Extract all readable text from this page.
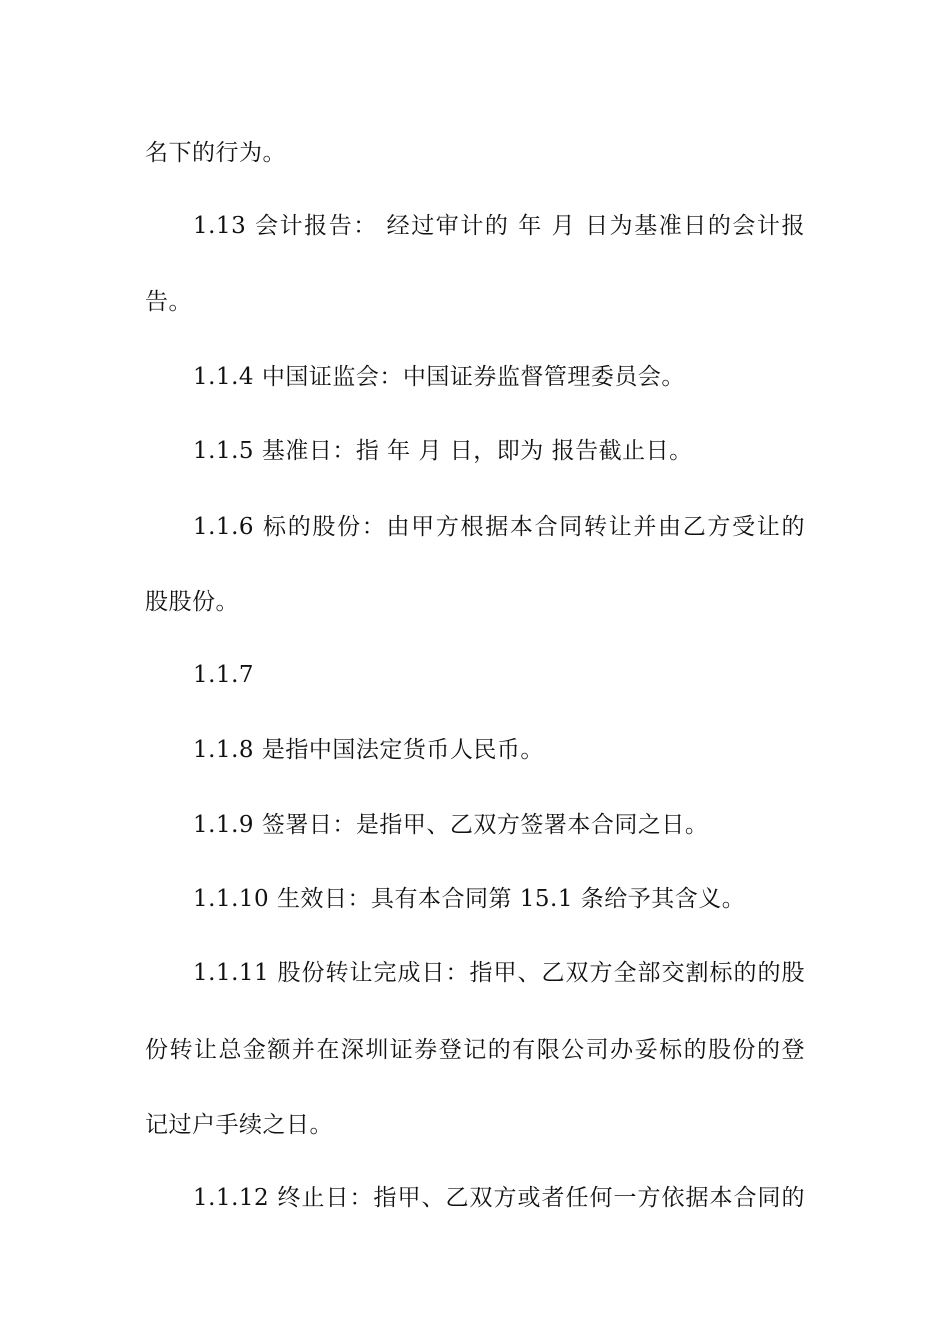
名下的行为。
1.13 会计报告： 经过审计的 年 月 日为基准日的会计报
告。
1.1.4 中国证监会：中国证券监督管理委员会。
1.1.5 基准日：指 年 月 日，即为 报告截止日。
1.1.6 标的股份：由甲方根据本合同转让并由乙方受让的
股股份。
1.1.7
1.1.8 是指中国法定货币人民币。
1.1.9 签署日：是指甲、乙双方签署本合同之日。
1.1.10 生效日：具有本合同第 15.1 条给予其含义。
1.1.11 股份转让完成日：指甲、乙双方全部交割标的的股
份转让总金额并在深圳证券登记的有限公司办妥标的股份的登
记过户手续之日。
1.1.12 终止日：指甲、乙双方或者任何一方依据本合同的
